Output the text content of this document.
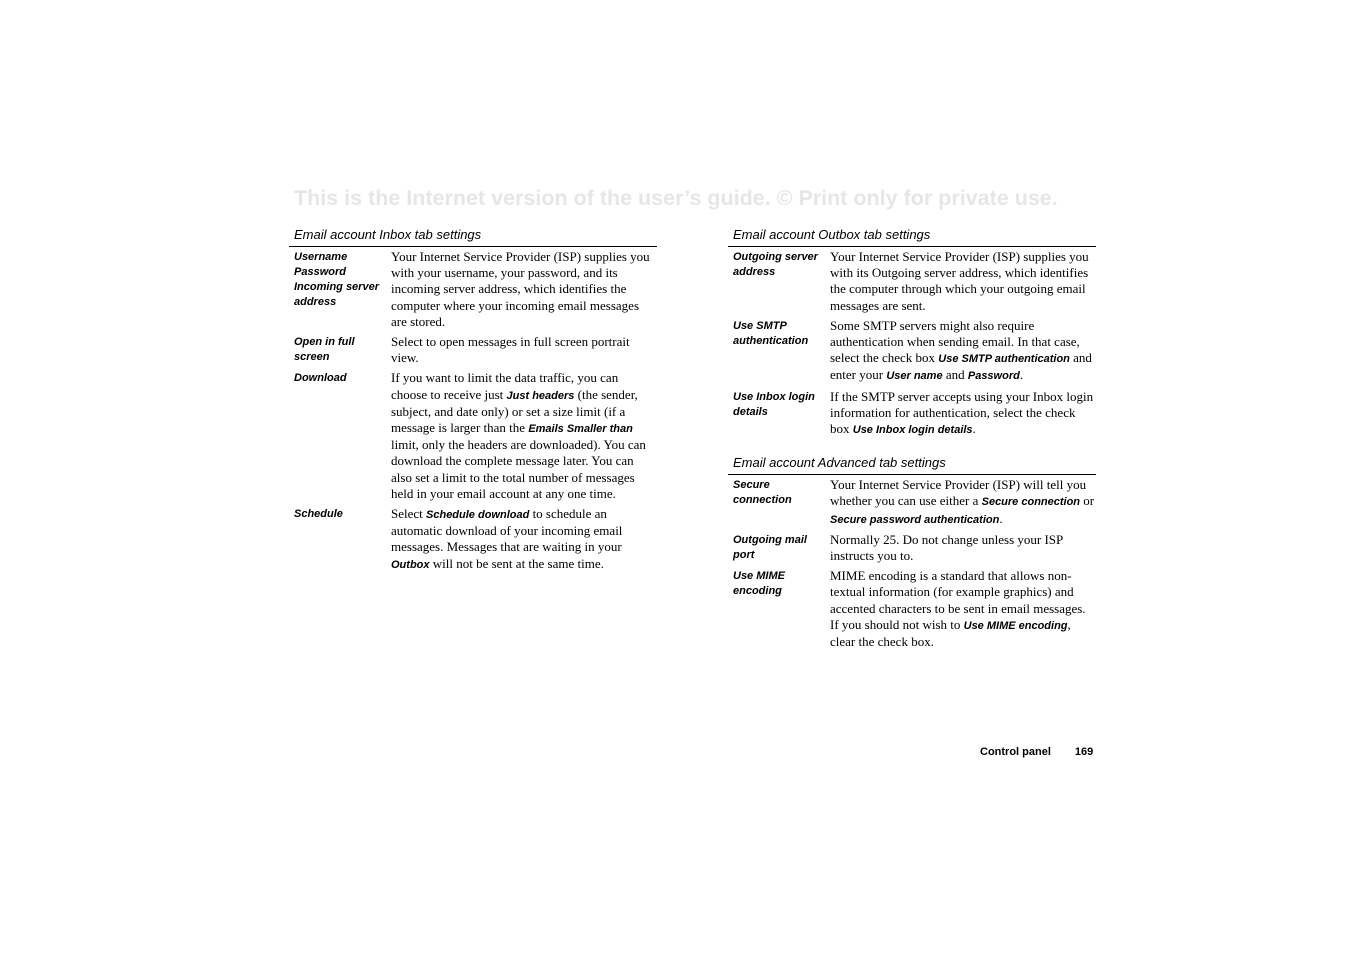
This is the Internet version of the user’s guide. © Print only for private use.
Email account Inbox tab settings
Username
Password
Incoming server address
Your Internet Service Provider (ISP) supplies you with your username, your password, and its incoming server address, which identifies the computer where your incoming email messages are stored.
Open in full screen
Select to open messages in full screen portrait view.
Download	If you want to limit the data traffic, you can choose to receive just Just headers (the sender, subject, and date only) or set a size limit (if a message is larger than the Emails Smaller than limit, only the headers are downloaded). You can download the complete message later. You can also set a limit to the total number of messages held in your email account at any one time.
Schedule	Select Schedule download to schedule an automatic download of your incoming email messages. Messages that are waiting in your Outbox will not be sent at the same time.
Email account Outbox tab settings
Outgoing server address
Your Internet Service Provider (ISP) supplies you with its Outgoing server address, which identifies the computer through which your outgoing email messages are sent.
Use SMTP authentication
Some SMTP servers might also require authentication when sending email. In that case, select the check box Use SMTP authentication and enter your User name and Password.
Use Inbox login details
If the SMTP server accepts using your Inbox login information for authentication, select the check box Use Inbox login details.
Email account Advanced tab settings
Secure connection
Your Internet Service Provider (ISP) will tell you whether you can use either a Secure connection or Secure password authentication.
Outgoing mail port
Normally 25. Do not change unless your ISP instructs you to.
Use MIME encoding
MIME encoding is a standard that allows non-textual information (for example graphics) and accented characters to be sent in email messages. If you should not wish to Use MIME encoding, clear the check box.
Control panel 169
